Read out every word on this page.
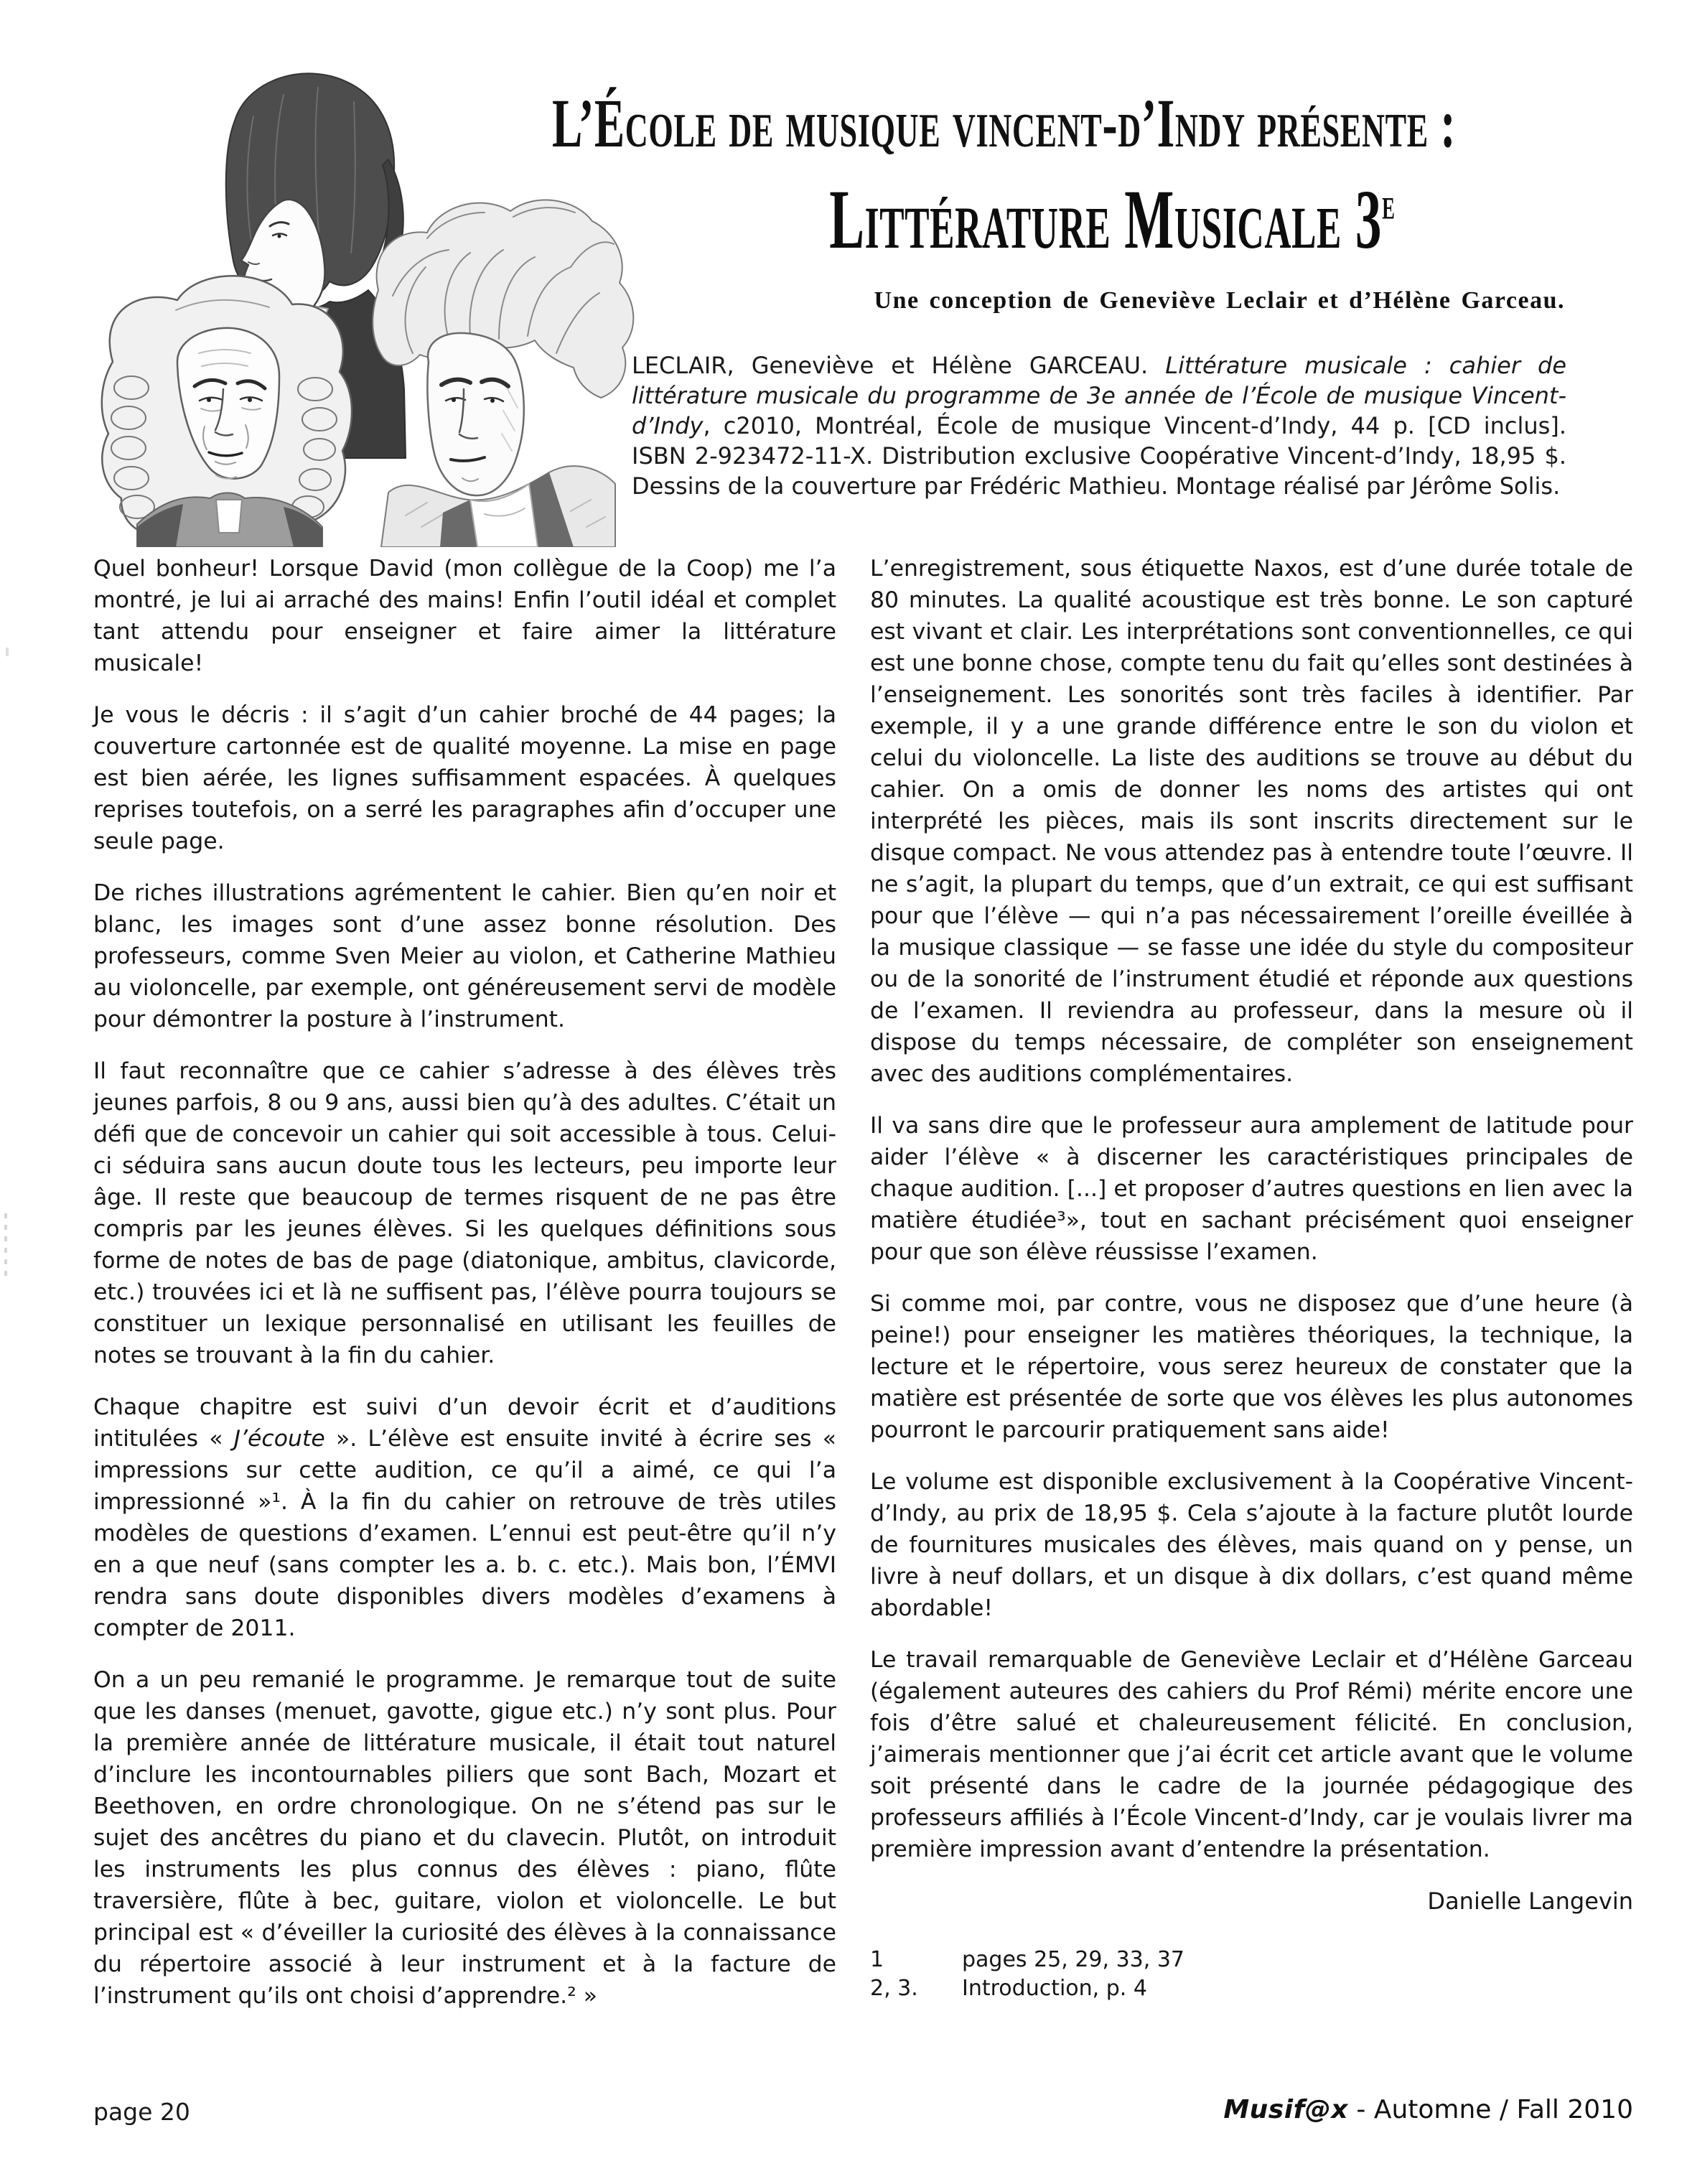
L’École de musique vincent-d’Indy présente :
Littérature Musicale 3e
Une conception de Geneviève Leclair et d’Hélène Garceau.
LECLAIR, Geneviève et Hélène GARCEAU. Littérature musicale : cahier de littérature musicale du programme de 3e année de l’École de musique Vincent-d’Indy, c2010, Montréal, École de musique Vincent-d’Indy, 44 p. [CD inclus]. ISBN 2-923472-11-X. Distribution exclusive Coopérative Vincent-d’Indy, 18,95 $. Dessins de la couverture par Frédéric Mathieu. Montage réalisé par Jérôme Solis.

Quel bonheur! Lorsque David (mon collègue de la Coop) me l’a montré, je lui ai arraché des mains! Enfin l’outil idéal et complet tant attendu pour enseigner et faire aimer la littérature musicale!

Je vous le décris : il s’agit d’un cahier broché de 44 pages; la couverture cartonnée est de qualité moyenne. La mise en page est bien aérée, les lignes suffisamment espacées. À quelques reprises toutefois, on a serré les paragraphes afin d’occuper une seule page.

De riches illustrations agrémentent le cahier. Bien qu’en noir et blanc, les images sont d’une assez bonne résolution. Des professeurs, comme Sven Meier au violon, et Catherine Mathieu au violoncelle, par exemple, ont généreusement servi de modèle pour démontrer la posture à l’instrument.

Il faut reconnaître que ce cahier s’adresse à des élèves très jeunes parfois, 8 ou 9 ans, aussi bien qu’à des adultes. C’était un défi que de concevoir un cahier qui soit accessible à tous. Celui-ci séduira sans aucun doute tous les lecteurs, peu importe leur âge. Il reste que beaucoup de termes risquent de ne pas être compris par les jeunes élèves. Si les quelques définitions sous forme de notes de bas de page (diatonique, ambitus, clavicorde, etc.) trouvées ici et là ne suffisent pas, l’élève pourra toujours se constituer un lexique personnalisé en utilisant les feuilles de notes se trouvant à la fin du cahier.

Chaque chapitre est suivi d’un devoir écrit et d’auditions intitulées « J’écoute ». L’élève est ensuite invité à écrire ses « impressions sur cette audition, ce qu’il a aimé, ce qui l’a impressionné »¹. À la fin du cahier on retrouve de très utiles modèles de questions d’examen. L’ennui est peut-être qu’il n’y en a que neuf (sans compter les a. b. c. etc.). Mais bon, l’ÉMVI rendra sans doute disponibles divers modèles d’examens à compter de 2011.

On a un peu remanié le programme. Je remarque tout de suite que les danses (menuet, gavotte, gigue etc.) n’y sont plus. Pour la première année de littérature musicale, il était tout naturel d’inclure les incontournables piliers que sont Bach, Mozart et Beethoven, en ordre chronologique. On ne s’étend pas sur le sujet des ancêtres du piano et du clavecin. Plutôt, on introduit les instruments les plus connus des élèves : piano, flûte traversière, flûte à bec, guitare, violon et violoncelle. Le but principal est « d’éveiller la curiosité des élèves à la connaissance du répertoire associé à leur instrument et à la facture de l’instrument qu’ils ont choisi d’apprendre.² »

L’enregistrement, sous étiquette Naxos, est d’une durée totale de 80 minutes. La qualité acoustique est très bonne. Le son capturé est vivant et clair. Les interprétations sont conventionnelles, ce qui est une bonne chose, compte tenu du fait qu’elles sont destinées à l’enseignement. Les sonorités sont très faciles à identifier. Par exemple, il y a une grande différence entre le son du violon et celui du violoncelle. La liste des auditions se trouve au début du cahier. On a omis de donner les noms des artistes qui ont interprété les pièces, mais ils sont inscrits directement sur le disque compact. Ne vous attendez pas à entendre toute l’œuvre. Il ne s’agit, la plupart du temps, que d’un extrait, ce qui est suffisant pour que l’élève — qui n’a pas nécessairement l’oreille éveillée à la musique classique — se fasse une idée du style du compositeur ou de la sonorité de l’instrument étudié et réponde aux questions de l’examen. Il reviendra au professeur, dans la mesure où il dispose du temps nécessaire, de compléter son enseignement avec des auditions complémentaires.

Il va sans dire que le professeur aura amplement de latitude pour aider l’élève « à discerner les caractéristiques principales de chaque audition. [...] et proposer d’autres questions en lien avec la matière étudiée³», tout en sachant précisément quoi enseigner pour que son élève réussisse l’examen.

Si comme moi, par contre, vous ne disposez que d’une heure (à peine!) pour enseigner les matières théoriques, la technique, la lecture et le répertoire, vous serez heureux de constater que la matière est présentée de sorte que vos élèves les plus autonomes pourront le parcourir pratiquement sans aide!

Le volume est disponible exclusivement à la Coopérative Vincent-d’Indy, au prix de 18,95 $. Cela s’ajoute à la facture plutôt lourde de fournitures musicales des élèves, mais quand on y pense, un livre à neuf dollars, et un disque à dix dollars, c’est quand même abordable!

Le travail remarquable de Geneviève Leclair et d’Hélène Garceau (également auteures des cahiers du Prof Rémi) mérite encore une fois d’être salué et chaleureusement félicité. En conclusion, j’aimerais mentionner que j’ai écrit cet article avant que le volume soit présenté dans le cadre de la journée pédagogique des professeurs affiliés à l’École Vincent-d’Indy, car je voulais livrer ma première impression avant d’entendre la présentation.

Danielle Langevin
1	pages 25, 29, 33, 37
2, 3.	Introduction, p. 4
page 20	Musif@x - Automne / Fall 2010
